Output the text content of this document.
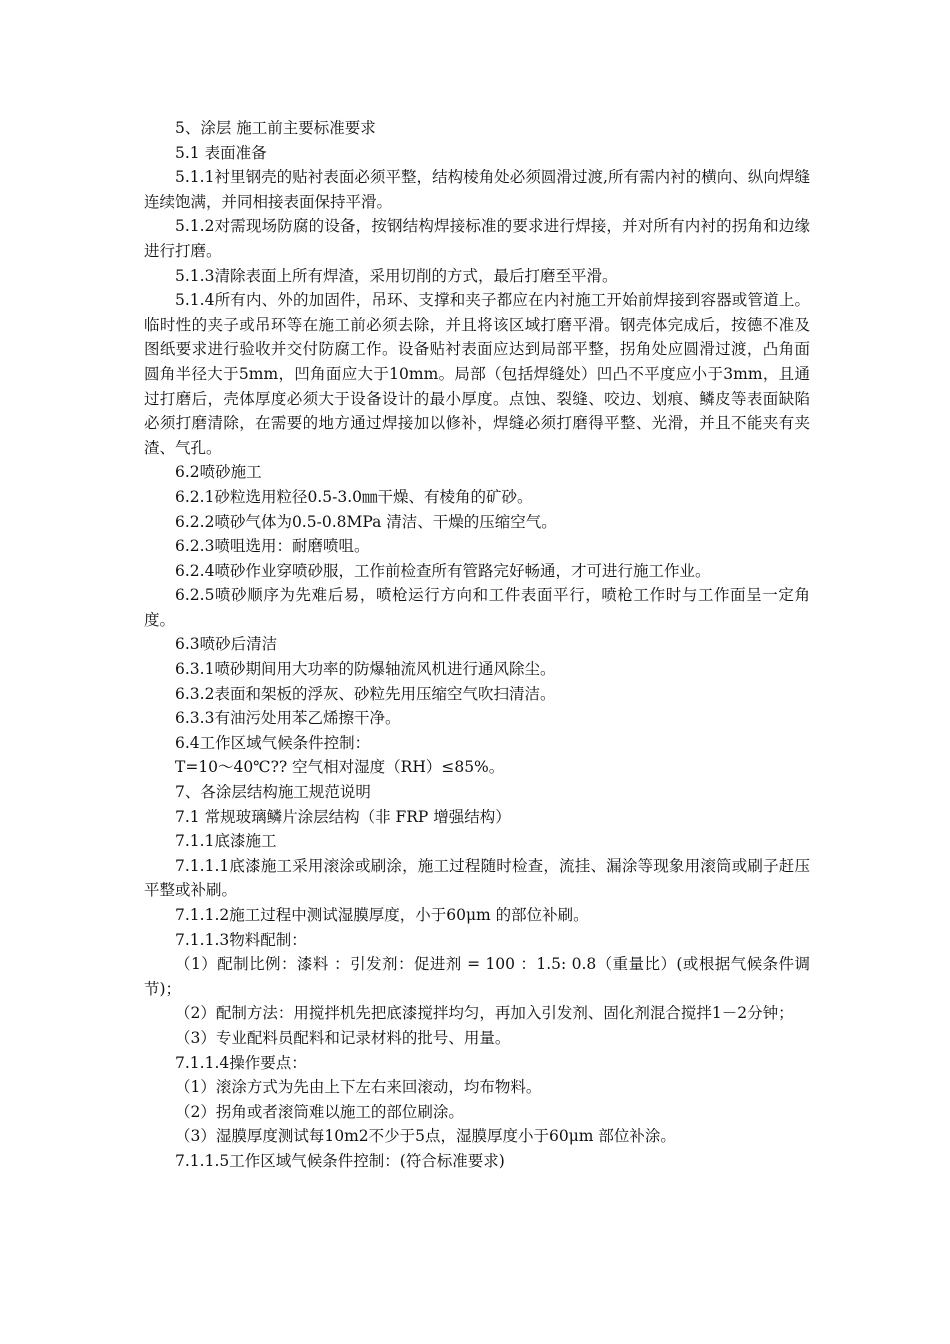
5、涂层 施工前主要标准要求

5.1 表面准备

5.1.1衬里钢壳的贴衬表面必须平整，结构棱角处必须圆滑过渡,所有需内衬的横向、纵向焊缝连续饱满，并同相接表面保持平滑。

5.1.2对需现场防腐的设备，按钢结构焊接标准的要求进行焊接，并对所有内衬的拐角和边缘进行打磨。

5.1.3清除表面上所有焊渣，采用切削的方式，最后打磨至平滑。

5.1.4所有内、外的加固件，吊环、支撑和夹子都应在内衬施工开始前焊接到容器或管道上。临时性的夹子或吊环等在施工前必须去除，并且将该区域打磨平滑。钢壳体完成后，按德不准及图纸要求进行验收并交付防腐工作。设备贴衬表面应达到局部平整，拐角处应圆滑过渡，凸角面圆角半径大于5mm，凹角面应大于10mm。局部（包括焊缝处）凹凸不平度应小于3mm，且通过打磨后，壳体厚度必须大于设备设计的最小厚度。点蚀、裂缝、咬边、划痕、鳞皮等表面缺陷必须打磨清除，在需要的地方通过焊接加以修补，焊缝必须打磨得平整、光滑，并且不能夹有夹渣、气孔。

6.2喷砂施工

6.2.1砂粒选用粒径0.5-3.0㎜干燥、有棱角的矿砂。

6.2.2喷砂气体为0.5-0.8MPa 清洁、干燥的压缩空气。

6.2.3喷咀选用：耐磨喷咀。

6.2.4喷砂作业穿喷砂服，工作前检查所有管路完好畅通，才可进行施工作业。

6.2.5喷砂顺序为先难后易，喷枪运行方向和工件表面平行，喷枪工作时与工作面呈一定角度。

6.3喷砂后清洁

6.3.1喷砂期间用大功率的防爆轴流风机进行通风除尘。

6.3.2表面和架板的浮灰、砂粒先用压缩空气吹扫清洁。

6.3.3有油污处用苯乙烯擦干净。

6.4工作区域气候条件控制：

T=10～40℃?? 空气相对湿度（RH）≤85%。

7、各涂层结构施工规范说明

7.1 常规玻璃鳞片涂层结构（非 FRP 增强结构）

7.1.1底漆施工

7.1.1.1底漆施工采用滚涂或刷涂，施工过程随时检查，流挂、漏涂等现象用滚筒或刷子赶压平整或补刷。

7.1.1.2施工过程中测试湿膜厚度，小于60μm 的部位补刷。

7.1.1.3物料配制：

（1）配制比例：漆料 ：引发剂：促进剂 = 100 ：1.5: 0.8（重量比）(或根据气候条件调节)；

（2）配制方法：用搅拌机先把底漆搅拌均匀，再加入引发剂、固化剂混合搅拌1－2分钟；

（3）专业配料员配料和记录材料的批号、用量。

7.1.1.4操作要点：

（1）滚涂方式为先由上下左右来回滚动，均布物料。

（2）拐角或者滚筒难以施工的部位刷涂。

（3）湿膜厚度测试每10m2不少于5点，湿膜厚度小于60μm 部位补涂。

7.1.1.5工作区域气候条件控制：(符合标准要求)
